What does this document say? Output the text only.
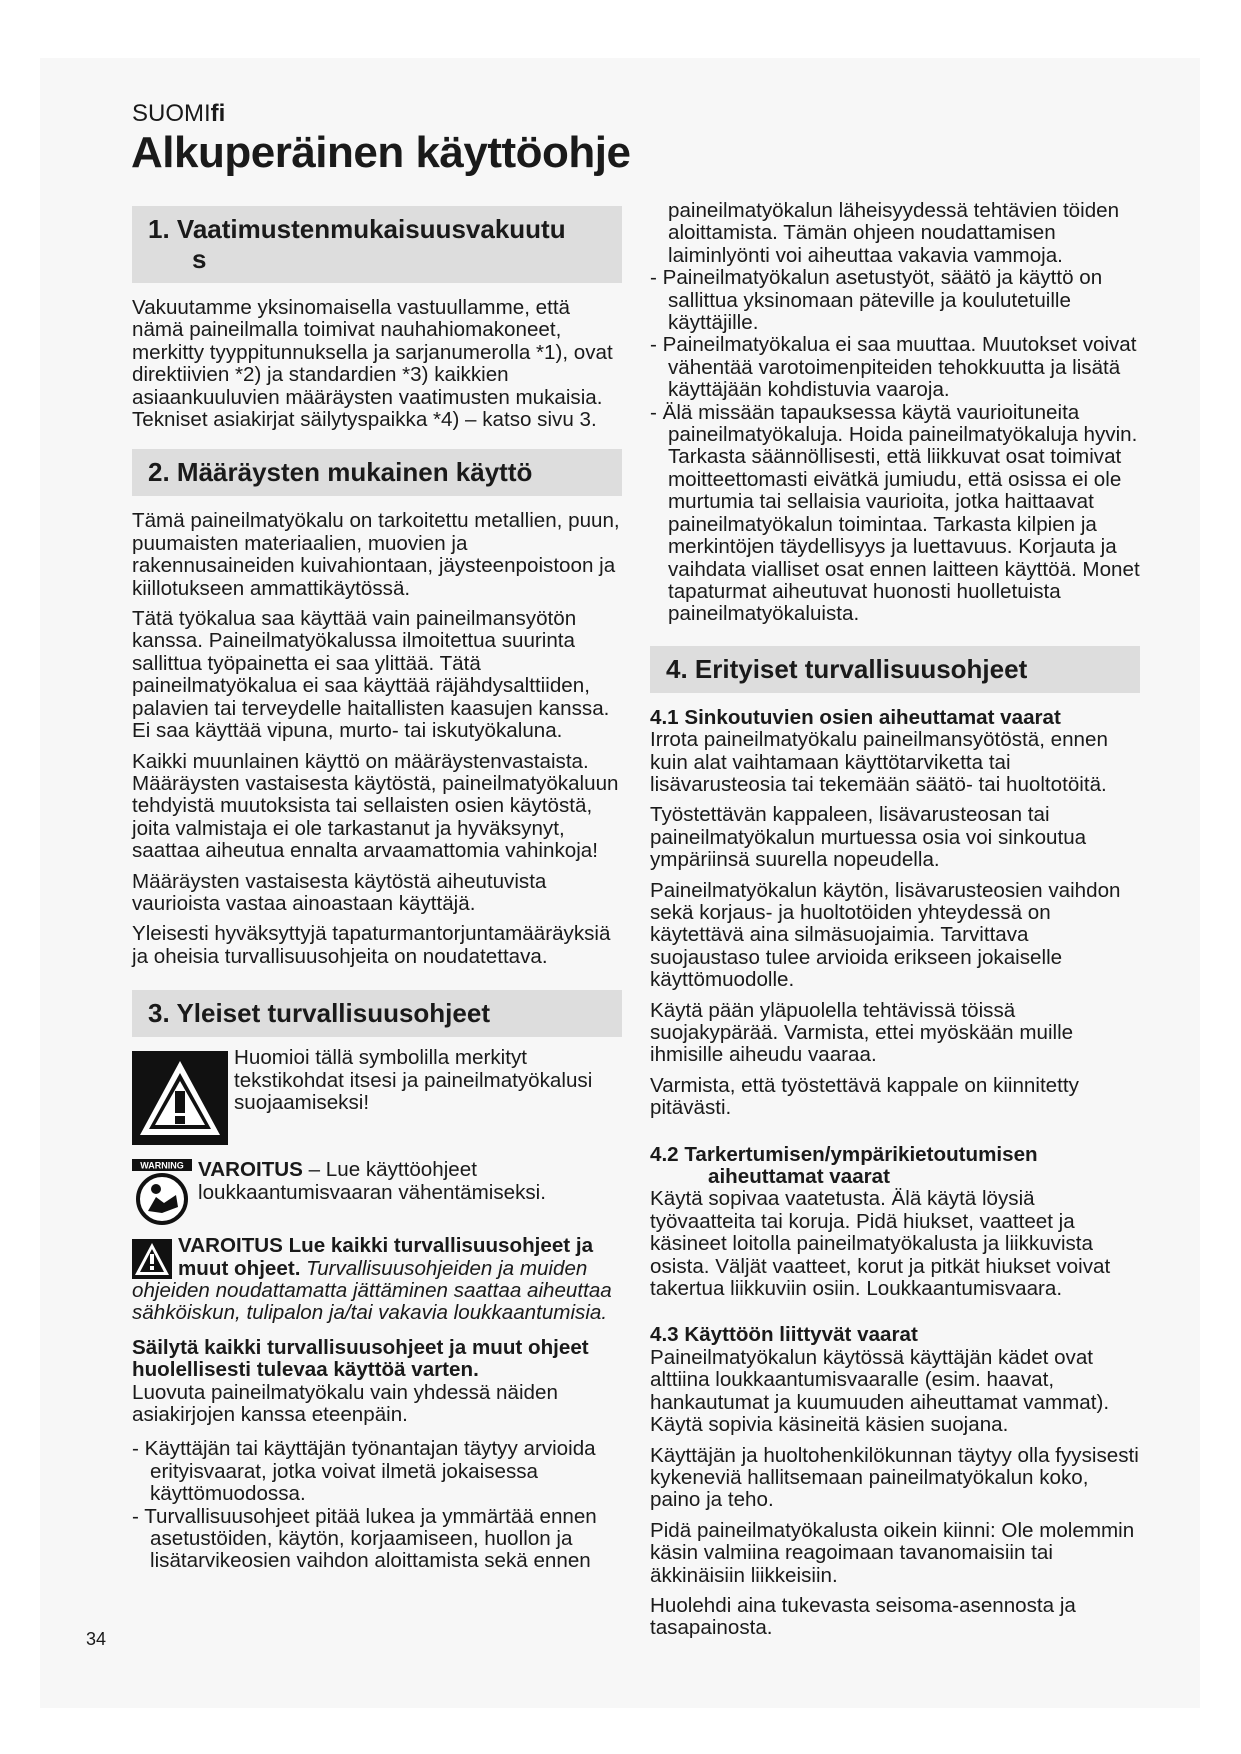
SUOMIfi
Alkuperäinen käyttöohje
1. Vaatimustenmukaisuusvakuutu
s

Vakuutamme yksinomaisella vastuullamme, että nämä paineilmalla toimivat nauhahiomakoneet, merkitty tyyppitunnuksella ja sarjanumerolla *1), ovat direktiivien *2) ja standardien *3) kaikkien asiaankuuluvien määräysten vaatimusten mukaisia. Tekniset asiakirjat säilytyspaikka *4) – katso sivu 3.

2. Määräysten mukainen käyttö

Tämä paineilmatyökalu on tarkoitettu metallien, puun, puumaisten materiaalien, muovien ja rakennusaineiden kuivahiontaan, jäysteenpoistoon ja kiillotukseen ammattikäytössä.

Tätä työkalua saa käyttää vain paineilmansyötön kanssa. Paineilmatyökalussa ilmoitettua suurinta sallittua työpainetta ei saa ylittää. Tätä paineilmatyökalua ei saa käyttää räjähdysalttiiden, palavien tai terveydelle haitallisten kaasujen kanssa. Ei saa käyttää vipuna, murto- tai iskutyökaluna.

Kaikki muunlainen käyttö on määräystenvastaista. Määräysten vastaisesta käytöstä, paineilmatyökaluun tehdyistä muutoksista tai sellaisten osien käytöstä, joita valmistaja ei ole tarkastanut ja hyväksynyt, saattaa aiheutua ennalta arvaamattomia vahinkoja!

Määräysten vastaisesta käytöstä aiheutuvista vaurioista vastaa ainoastaan käyttäjä.

Yleisesti hyväksyttyjä tapaturmantorjuntamääräyksiä ja oheisia turvallisuusohjeita on noudatettava.

3. Yleiset turvallisuusohjeet

Huomioi tällä symbolilla merkityt tekstikohdat itsesi ja paineilmatyökalusi suojaamiseksi!

WARNING VAROITUS – Lue käyttöohjeet loukkaantumisvaaran vähentämiseksi.

VAROITUS Lue kaikki turvallisuusohjeet ja muut ohjeet. Turvallisuusohjeiden ja muiden ohjeiden noudattamatta jättäminen saattaa aiheuttaa sähköiskun, tulipalon ja/tai vakavia loukkaantumisia.

Säilytä kaikki turvallisuusohjeet ja muut ohjeet huolellisesti tulevaa käyttöä varten.

Luovuta paineilmatyökalu vain yhdessä näiden asiakirjojen kanssa eteenpäin.

- Käyttäjän tai käyttäjän työnantajan täytyy arvioida erityisvaarat, jotka voivat ilmetä jokaisessa käyttömuodossa.

- Turvallisuusohjeet pitää lukea ja ymmärtää ennen asetustöiden, käytön, korjaamiseen, huollon ja lisätarvikeosien vaihdon aloittamista sekä ennen

paineilmatyökalun läheisyydessä tehtävien töiden aloittamista. Tämän ohjeen noudattamisen laiminlyönti voi aiheuttaa vakavia vammoja.

- Paineilmatyökalun asetustyöt, säätö ja käyttö on sallittua yksinomaan päteville ja koulutetuille käyttäjille.

- Paineilmatyökalua ei saa muuttaa. Muutokset voivat vähentää varotoimenpiteiden tehokkuutta ja lisätä käyttäjään kohdistuvia vaaroja.

- Älä missään tapauksessa käytä vaurioituneita paineilmatyökaluja. Hoida paineilmatyökaluja hyvin. Tarkasta säännöllisesti, että liikkuvat osat toimivat moitteettomasti eivätkä jumiudu, että osissa ei ole murtumia tai sellaisia vaurioita, jotka haittaavat paineilmatyökalun toimintaa. Tarkasta kilpien ja merkintöjen täydellisyys ja luettavuus. Korjauta ja vaihdata vialliset osat ennen laitteen käyttöä. Monet tapaturmat aiheutuvat huonosti huolletuista paineilmatyökaluista.

4. Erityiset turvallisuusohjeet

4.1 Sinkoutuvien osien aiheuttamat vaarat

Irrota paineilmatyökalu paineilmansyötöstä, ennen kuin alat vaihtamaan käyttötarviketta tai lisävarusteosia tai tekemään säätö- tai huoltotöitä.

Työstettävän kappaleen, lisävarusteosan tai paineilmatyökalun murtuessa osia voi sinkoutua ympäriinsä suurella nopeudella.

Paineilmatyökalun käytön, lisävarusteosien vaihdon sekä korjaus- ja huoltotöiden yhteydessä on käytettävä aina silmäsuojaimia. Tarvittava suojaustaso tulee arvioida erikseen jokaiselle käyttömuodolle.

Käytä pään yläpuolella tehtävissä töissä suojakypärää. Varmista, ettei myöskään muille ihmisille aiheudu vaaraa.

Varmista, että työstettävä kappale on kiinnitetty pitävästi.

4.2 Tarkertumisen/ympärikietoutumisen
aiheuttamat vaarat

Käytä sopivaa vaatetusta. Älä käytä löysiä työvaatteita tai koruja. Pidä hiukset, vaatteet ja käsineet loitolla paineilmatyökalusta ja liikkuvista osista. Väljät vaatteet, korut ja pitkät hiukset voivat takertua liikkuviin osiin. Loukkaantumisvaara.

4.3 Käyttöön liittyvät vaarat

Paineilmatyökalun käytössä käyttäjän kädet ovat alttiina loukkaantumisvaaralle (esim. haavat, hankautumat ja kuumuuden aiheuttamat vammat). Käytä sopivia käsineitä käsien suojana.

Käyttäjän ja huoltohenkilökunnan täytyy olla fyysisesti kykeneviä hallitsemaan paineilmatyökalun koko, paino ja teho.

Pidä paineilmatyökalusta oikein kiinni: Ole molemmin käsin valmiina reagoimaan tavanomaisiin tai äkkinäisiin liikkeisiin.

Huolehdi aina tukevasta seisoma-asennosta ja tasapainosta.

34
